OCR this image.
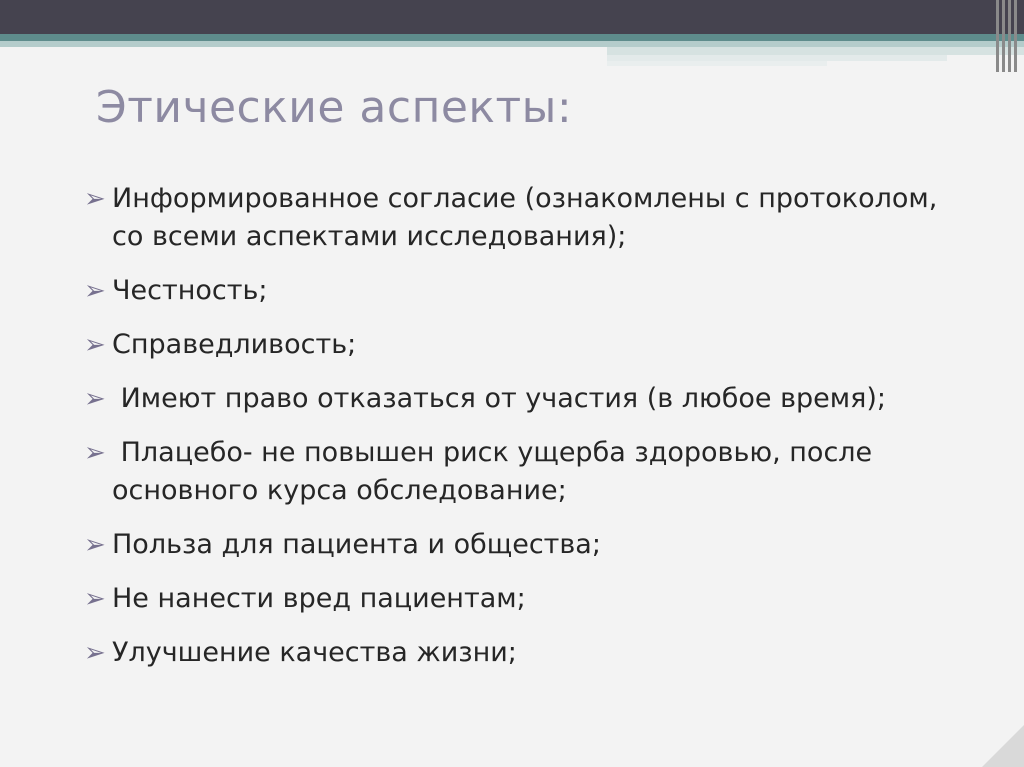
Этические аспекты:
➢ Информированное согласие (ознакомлены с протоколом, со всеми аспектами исследования);
➢ Честность;
➢ Справедливость;
➢ Имеют право отказаться от участия (в любое время);
➢ Плацебо- не повышен риск ущерба здоровью, после основного курса обследование;
➢ Польза для пациента и общества;
➢ Не нанести вред пациентам;
➢ Улучшение качества жизни;
